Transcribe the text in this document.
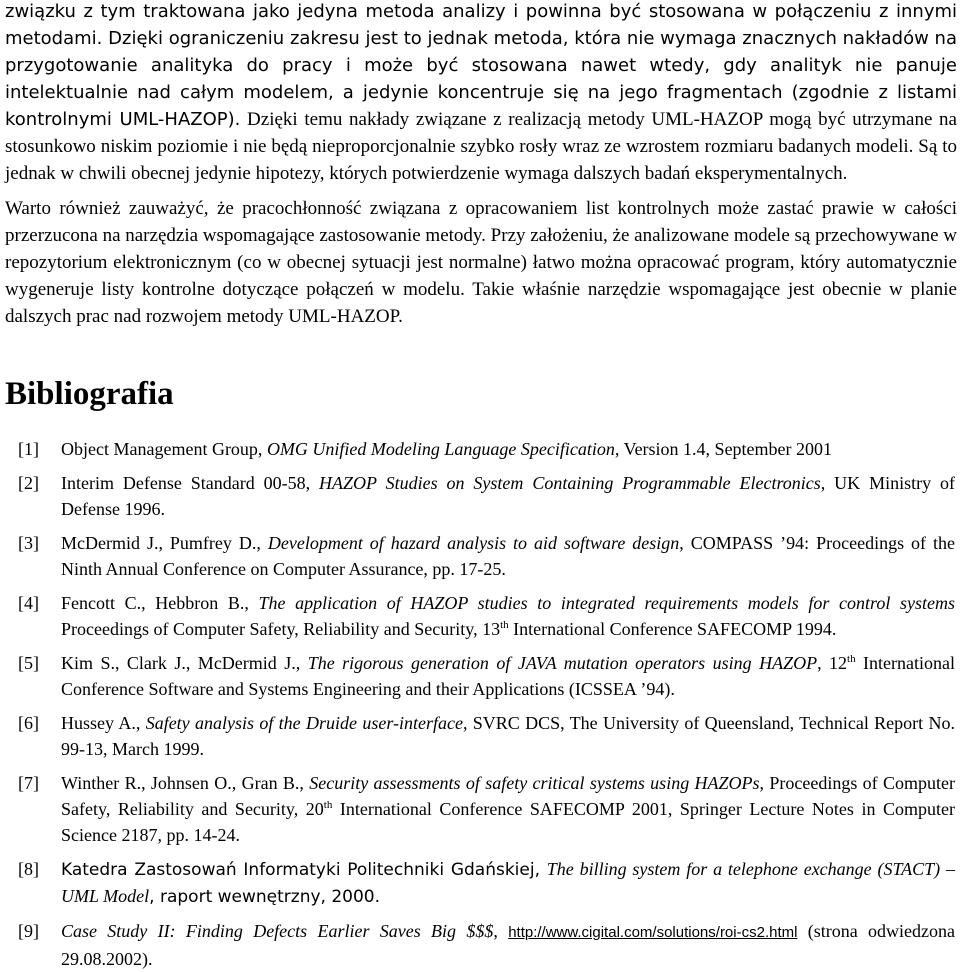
związku z tym traktowana jako jedyna metoda analizy i powinna być stosowana w połączeniu z innymi metodami. Dzięki ograniczeniu zakresu jest to jednak metoda, która nie wymaga znacznych nakładów na przygotowanie analityka do pracy i może być stosowana nawet wtedy, gdy analityk nie panuje intelektualnie nad całym modelem, a jedynie koncentruje się na jego fragmentach (zgodnie z listami kontrolnymi UML-HAZOP). Dzięki temu nakłady związane z realizacją metody UML-HAZOP mogą być utrzymane na stosunkowo niskim poziomie i nie będą nieproporcjonalnie szybko rosły wraz ze wzrostem rozmiaru badanych modeli. Są to jednak w chwili obecnej jedynie hipotezy, których potwierdzenie wymaga dalszych badań eksperymentalnych.

Warto również zauważyć, że pracochłonność związana z opracowaniem list kontrolnych może zastać prawie w całości przerzucona na narzędzia wspomagające zastosowanie metody. Przy założeniu, że analizowane modele są przechowywane w repozytorium elektronicznym (co w obecnej sytuacji jest normalne) łatwo można opracować program, który automatycznie wygeneruje listy kontrolne dotyczące połączeń w modelu. Takie właśnie narzędzie wspomagające jest obecnie w planie dalszych prac nad rozwojem metody UML-HAZOP.

Bibliografia
[1]	Object Management Group, OMG Unified Modeling Language Specification, Version 1.4, September 2001
[2]	Interim Defense Standard 00-58, HAZOP Studies on System Containing Programmable Electronics, UK Ministry of Defense 1996.
[3]	McDermid J., Pumfrey D., Development of hazard analysis to aid software design, COMPASS ’94: Proceedings of the Ninth Annual Conference on Computer Assurance, pp. 17-25.
[4]	Fencott C., Hebbron B., The application of HAZOP studies to integrated requirements models for control systems Proceedings of Computer Safety, Reliability and Security, 13th International Conference SAFECOMP 1994.
[5]	Kim S., Clark J., McDermid J., The rigorous generation of JAVA mutation operators using HAZOP, 12th International Conference Software and Systems Engineering and their Applications (ICSSEA ’94).
[6]	Hussey A., Safety analysis of the Druide user-interface, SVRC DCS, The University of Queensland, Technical Report No. 99-13, March 1999.
[7]	Winther R., Johnsen O., Gran B., Security assessments of safety critical systems using HAZOPs, Proceedings of Computer Safety, Reliability and Security, 20th International Conference SAFECOMP 2001, Springer Lecture Notes in Computer Science 2187, pp. 14-24.
[8]	Katedra Zastosowań Informatyki Politechniki Gdańskiej, The billing system for a telephone exchange (STACT) – UML Model, raport wewnętrzny, 2000.
[9]	Case Study II: Finding Defects Earlier Saves Big $$$, http://www.cigital.com/solutions/roi-cs2.html (strona odwiedzona 29.08.2002).
